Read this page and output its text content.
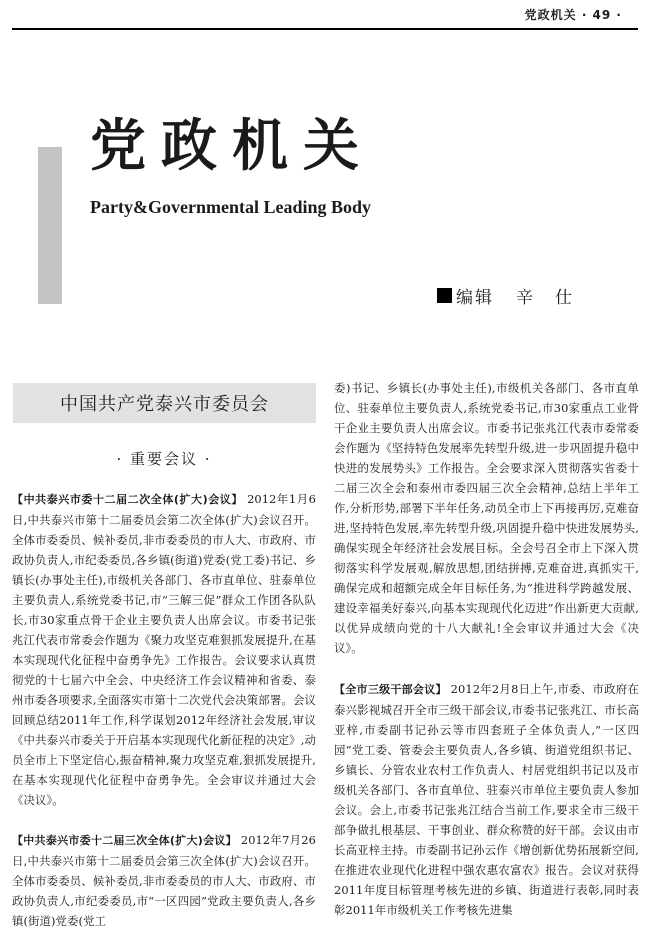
党政机关 · 49 ·
党政机关
Party&Governmental Leading Body
编辑 辛仕
中国共产党泰兴市委员会
· 重要会议 ·

【中共泰兴市委十二届二次全体(扩大)会议】 2012年1月6日,中共泰兴市第十二届委员会第二次全体(扩大)会议召开。全体市委委员、候补委员,非市委委员的市人大、市政府、市政协负责人,市纪委委员,各乡镇(街道)党委(党工委)书记、乡镇长(办事处主任),市级机关各部门、各市直单位、驻泰单位主要负责人,系统党委书记,市“三解三促”群众工作团各队队长,市30家重点骨干企业主要负责人出席会议。市委书记张兆江代表市常委会作题为《聚力攻坚克难狠抓发展提升,在基本实现现代化征程中奋勇争先》工作报告。会议要求认真贯彻党的十七届六中全会、中央经济工作会议精神和省委、泰州市委各项要求,全面落实市第十二次党代会决策部署。会议回顾总结2011年工作,科学谋划2012年经济社会发展,审议《中共泰兴市委关于开启基本实现现代化新征程的决定》,动员全市上下坚定信心,振奋精神,聚力攻坚克难,狠抓发展提升,在基本实现现代化征程中奋勇争先。全会审议并通过大会《决议》。

【中共泰兴市委十二届三次全体(扩大)会议】 2012年7月26日,中共泰兴市第十二届委员会第三次全体(扩大)会议召开。全体市委委员、候补委员,非市委委员的市人大、市政府、市政协负责人,市纪委委员,市“一区四园”党政主要负责人,各乡镇(街道)党委(党工

委)书记、乡镇长(办事处主任),市级机关各部门、各市直单位、驻泰单位主要负责人,系统党委书记,市30家重点工业骨干企业主要负责人出席会议。市委书记张兆江代表市委常委会作题为《坚持特色发展率先转型升级,进一步巩固提升稳中快进的发展势头》工作报告。全会要求深入贯彻落实省委十二届三次全会和泰州市委四届三次全会精神,总结上半年工作,分析形势,部署下半年任务,动员全市上下再接再厉,克难奋进,坚持特色发展,率先转型升级,巩固提升稳中快进发展势头,确保实现全年经济社会发展目标。全会号召全市上下深入贯彻落实科学发展观,解放思想,团结拼搏,克难奋进,真抓实干,确保完成和超额完成全年目标任务,为“推进科学跨越发展、建设幸福美好泰兴,向基本实现现代化迈进”作出新更大贡献,以优异成绩向党的十八大献礼!全会审议并通过大会《决议》。

【全市三级干部会议】 2012年2月8日上午,市委、市政府在泰兴影视城召开全市三级干部会议,市委书记张兆江、市长高亚梓,市委副书记孙云等市四套班子全体负责人,“一区四园”党工委、管委会主要负责人,各乡镇、街道党组织书记、乡镇长、分管农业农村工作负责人、村居党组织书记以及市级机关各部门、各市直单位、驻泰兴市单位主要负责人参加会议。会上,市委书记张兆江结合当前工作,要求全市三级干部争做扎根基层、干事创业、群众称赞的好干部。会议由市长高亚梓主持。市委副书记孙云作《增创新优势拓展新空间,在推进农业现代化进程中强农惠农富农》报告。会议对获得2011年度目标管理考核先进的乡镇、街道进行表彰,同时表彰2011年市级机关工作考核先进集
